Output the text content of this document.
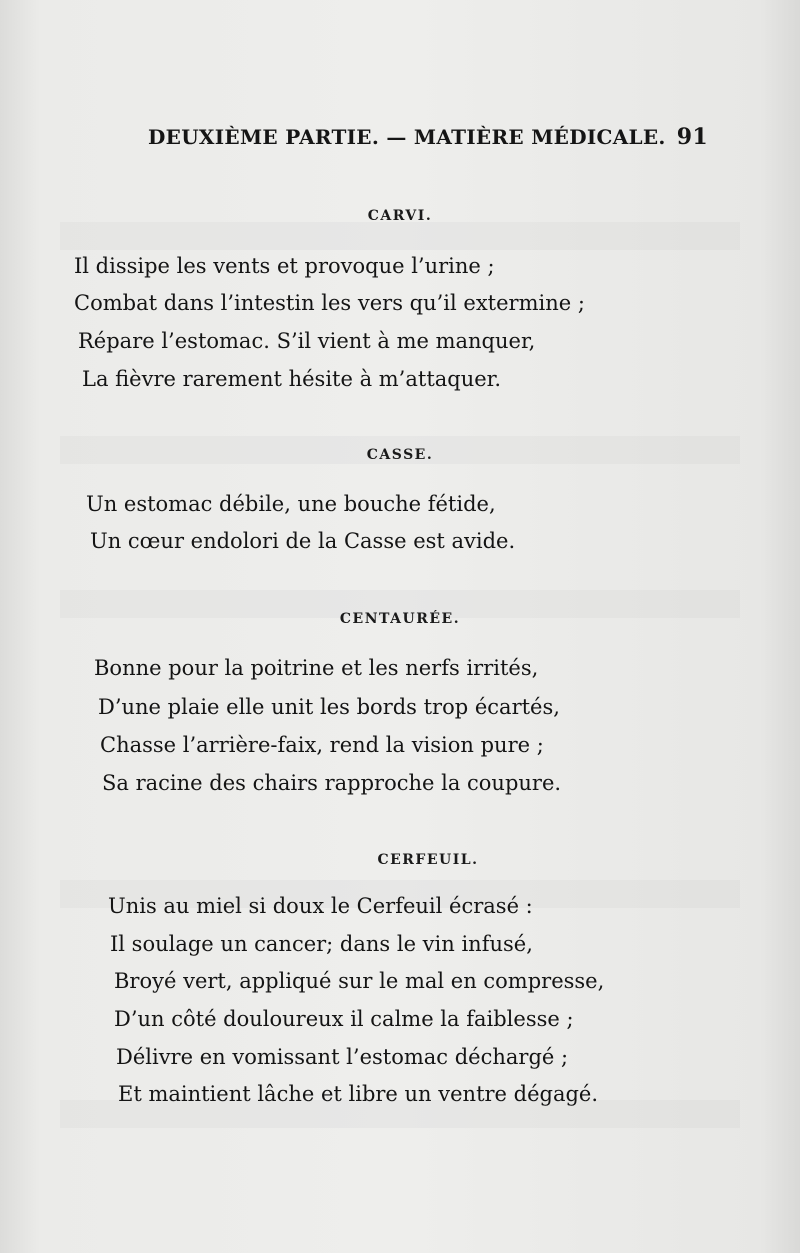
DEUXIÈME PARTIE. — MATIÈRE MÉDICALE. 91
CARVI.
Il dissipe les vents et provoque l’urine ;
Combat dans l’intestin les vers qu’il extermine ;
Répare l’estomac. S’il vient à me manquer,
La fièvre rarement hésite à m’attaquer.
CASSE.
Un estomac débile, une bouche fétide,
Un cœur endolori de la Casse est avide.
CENTAURÉE.
Bonne pour la poitrine et les nerfs irrités,
D’une plaie elle unit les bords trop écartés,
Chasse l’arrière-faix, rend la vision pure ;
Sa racine des chairs rapproche la coupure.
CERFEUIL.
Unis au miel si doux le Cerfeuil écrasé :
Il soulage un cancer; dans le vin infusé,
Broyé vert, appliqué sur le mal en compresse,
D’un côté douloureux il calme la faiblesse ;
Délivre en vomissant l’estomac déchargé ;
Et maintient lâche et libre un ventre dégagé.
